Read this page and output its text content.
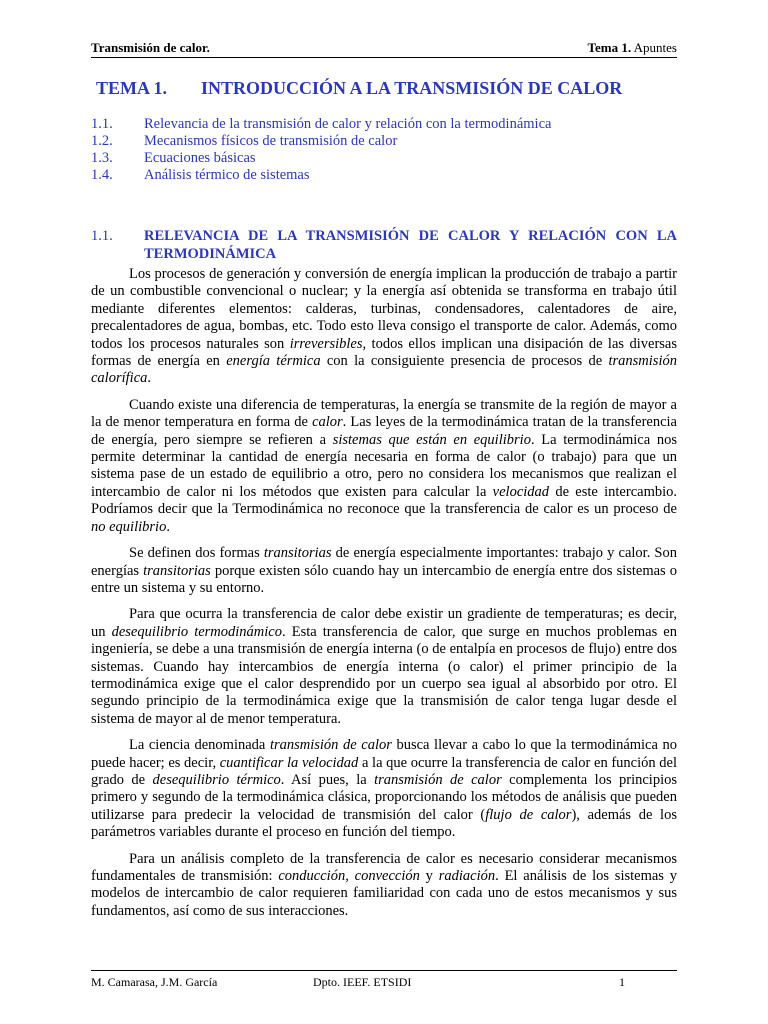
Transmisión de calor.	Tema 1. Apuntes
TEMA 1. INTRODUCCIÓN A LA TRANSMISIÓN DE CALOR
1.1. Relevancia de la transmisión de calor y relación con la termodinámica
1.2. Mecanismos físicos de transmisión de calor
1.3. Ecuaciones básicas
1.4. Análisis térmico de sistemas
1.1. RELEVANCIA DE LA TRANSMISIÓN DE CALOR Y RELACIÓN CON LA
TERMODINÁMICA

Los procesos de generación y conversión de energía implican la producción de trabajo a partir de un combustible convencional o nuclear; y la energía así obtenida se transforma en trabajo útil mediante diferentes elementos: calderas, turbinas, condensadores, calentadores de aire, precalentadores de agua, bombas, etc. Todo esto lleva consigo el transporte de calor. Además, como todos los procesos naturales son irreversibles, todos ellos implican una disipación de las diversas formas de energía en energía térmica con la consiguiente presencia de procesos de transmisión calorífica.

Cuando existe una diferencia de temperaturas, la energía se transmite de la región de mayor a la de menor temperatura en forma de calor. Las leyes de la termodinámica tratan de la transferencia de energía, pero siempre se refieren a sistemas que están en equilibrio. La termodinámica nos permite determinar la cantidad de energía necesaria en forma de calor (o trabajo) para que un sistema pase de un estado de equilibrio a otro, pero no considera los mecanismos que realizan el intercambio de calor ni los métodos que existen para calcular la velocidad de este intercambio. Podríamos decir que la Termodinámica no reconoce que la transferencia de calor es un proceso de no equilibrio.

Se definen dos formas transitorias de energía especialmente importantes: trabajo y calor. Son energías transitorias porque existen sólo cuando hay un intercambio de energía entre dos sistemas o entre un sistema y su entorno.

Para que ocurra la transferencia de calor debe existir un gradiente de temperaturas; es decir, un desequilibrio termodinámico. Esta transferencia de calor, que surge en muchos problemas en ingeniería, se debe a una transmisión de energía interna (o de entalpía en procesos de flujo) entre dos sistemas. Cuando hay intercambios de energía interna (o calor) el primer principio de la termodinámica exige que el calor desprendido por un cuerpo sea igual al absorbido por otro. El segundo principio de la termodinámica exige que la transmisión de calor tenga lugar desde el sistema de mayor al de menor temperatura.

La ciencia denominada transmisión de calor busca llevar a cabo lo que la termodinámica no puede hacer; es decir, cuantificar la velocidad a la que ocurre la transferencia de calor en función del grado de desequilibrio térmico. Así pues, la transmisión de calor complementa los principios primero y segundo de la termodinámica clásica, proporcionando los métodos de análisis que pueden utilizarse para predecir la velocidad de transmisión del calor (flujo de calor), además de los parámetros variables durante el proceso en función del tiempo.

Para un análisis completo de la transferencia de calor es necesario considerar mecanismos fundamentales de transmisión: conducción, convección y radiación. El análisis de los sistemas y modelos de intercambio de calor requieren familiaridad con cada uno de estos mecanismos y sus fundamentos, así como de sus interacciones.

M. Camarasa, J.M. García	Dpto. IEEF. ETSIDI	1
